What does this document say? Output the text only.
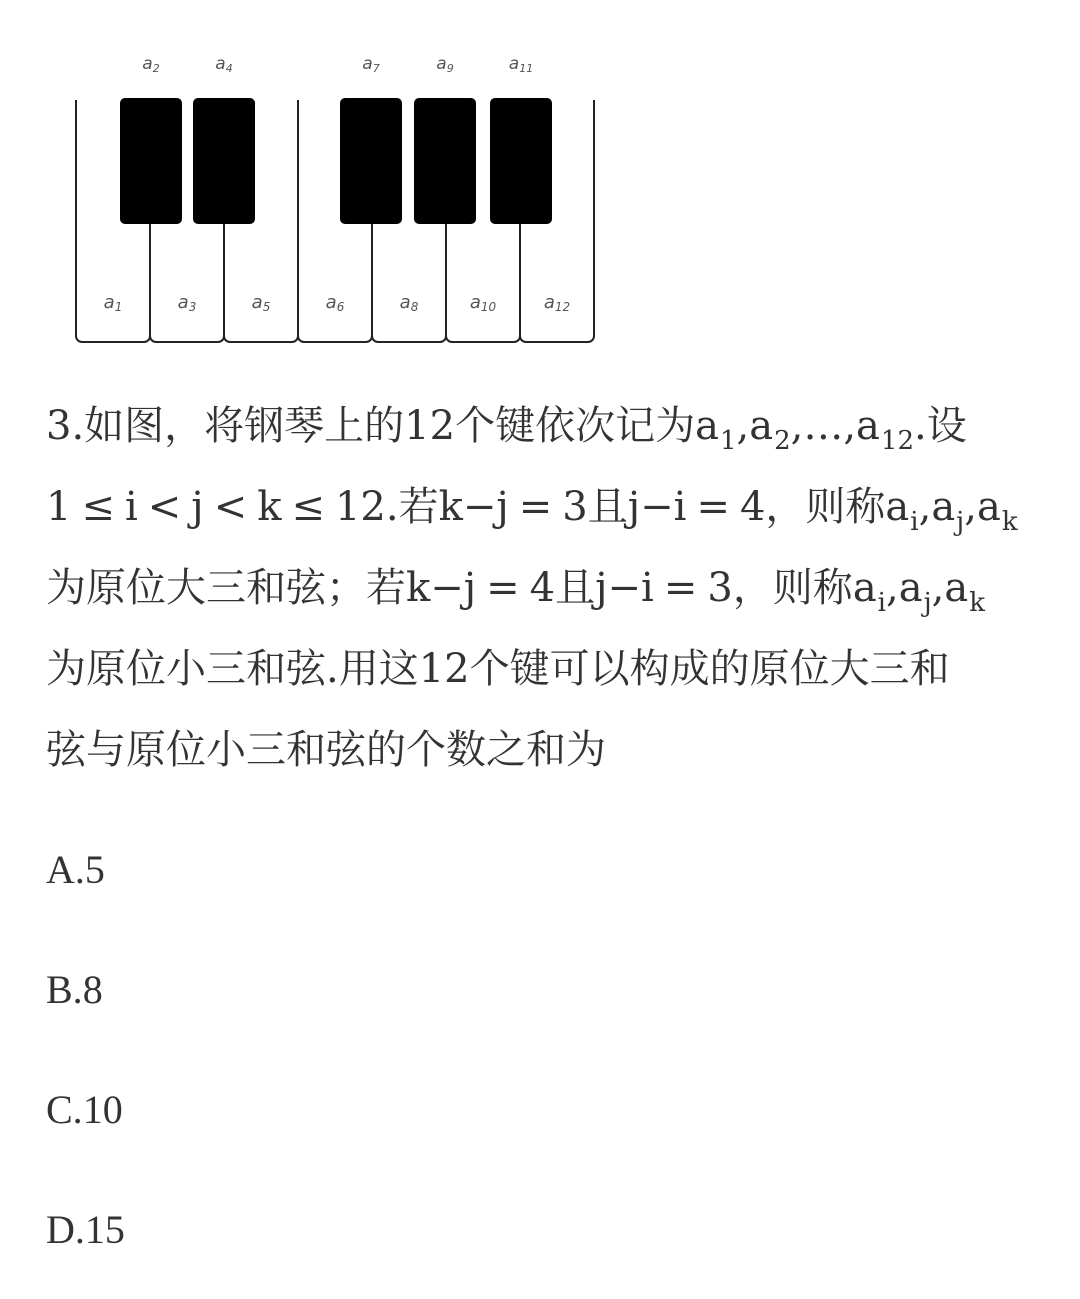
a2	a4	a7	a9	a11
a1	a3	a5	a6	a8	a10	a12
3.如图，将钢琴上的12个键依次记为$a_1,a_2,\dots,a_{12}$.设
1 ≤ i < j < k ≤ 12.若k−j = 3且j−i = 4，则称$a_i,a_j,a_k$
为原位大三和弦；若k−j = 4且j−i = 3，则称$a_i,a_j,a_k$
为原位小三和弦.用这12个键可以构成的原位大三和
弦与原位小三和弦的个数之和为
A.5
B.8
C.10
D.15
